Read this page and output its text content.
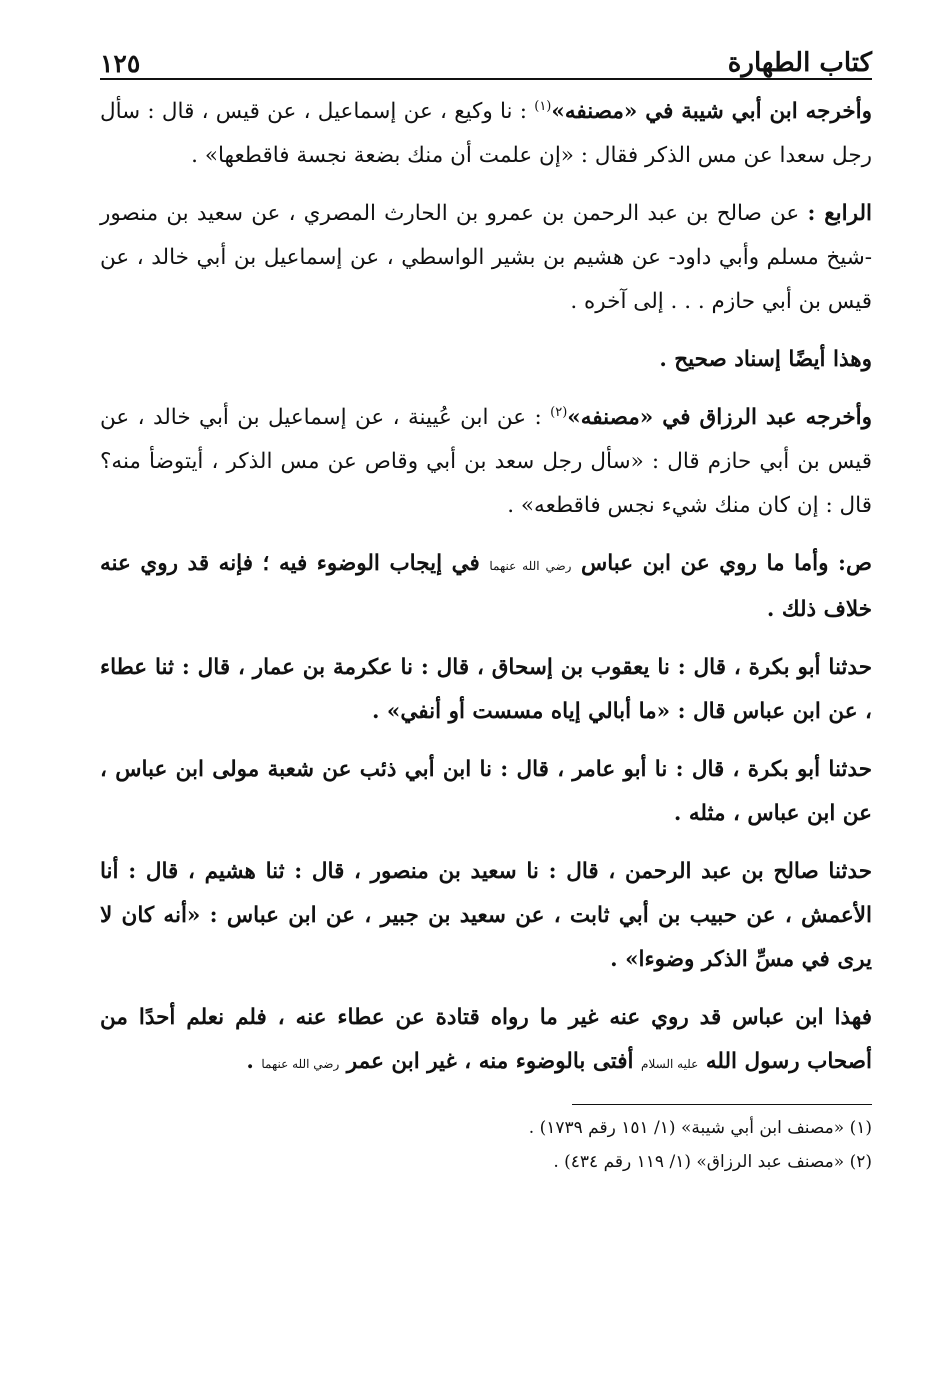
كتاب الطهارة
١٢٥

وأخرجه ابن أبي شيبة في «مصنفه»$^{(١)}$ : نا وكيع ، عن إسماعيل ، عن قيس ، قال : سأل رجل سعدا عن مس الذكر فقال : «إن علمت أن منك بضعة نجسة فاقطعها» .

الرابع : عن صالح بن عبد الرحمن بن عمرو بن الحارث المصري ، عن سعيد بن منصور -شيخ مسلم وأبي داود- عن هشيم بن بشير الواسطي ، عن إسماعيل بن أبي خالد ، عن قيس بن أبي حازم . . . إلى آخره .

وهذا أيضًا إسناد صحيح .

وأخرجه عبد الرزاق في «مصنفه»$^{(٢)}$ : عن ابن عُيينة ، عن إسماعيل بن أبي خالد ، عن قيس بن أبي حازم قال : «سأل رجل سعد بن أبي وقاص عن مس الذكر ، أيتوضأ منه؟ قال : إن كان منك شيء نجس فاقطعه» .

ص: وأما ما روي عن ابن عباس رضي الله عنهما في إيجاب الوضوء فيه ؛ فإنه قد روي عنه خلاف ذلك .

حدثنا أبو بكرة ، قال : نا يعقوب بن إسحاق ، قال : نا عكرمة بن عمار ، قال : ثنا عطاء ، عن ابن عباس قال : «ما أبالي إياه مسست أو أنفي» .

حدثنا أبو بكرة ، قال : نا أبو عامر ، قال : نا ابن أبي ذئب عن شعبة مولى ابن عباس ، عن ابن عباس ، مثله .

حدثنا صالح بن عبد الرحمن ، قال : نا سعيد بن منصور ، قال : ثنا هشيم ، قال : أنا الأعمش ، عن حبيب بن أبي ثابت ، عن سعيد بن جبير ، عن ابن عباس : «أنه كان لا يرى في مسِّ الذكر وضوءا» .

فهذا ابن عباس قد روي عنه غير ما رواه قتادة عن عطاء عنه ، فلم نعلم أحدًا من أصحاب رسول الله عليه السلام أفتى بالوضوء منه ، غير ابن عمر رضي الله عنهما .

(١) «مصنف ابن أبي شيبة» (١/ ١٥١ رقم ١٧٣٩) .

(٢) «مصنف عبد الرزاق» (١/ ١١٩ رقم ٤٣٤) .
